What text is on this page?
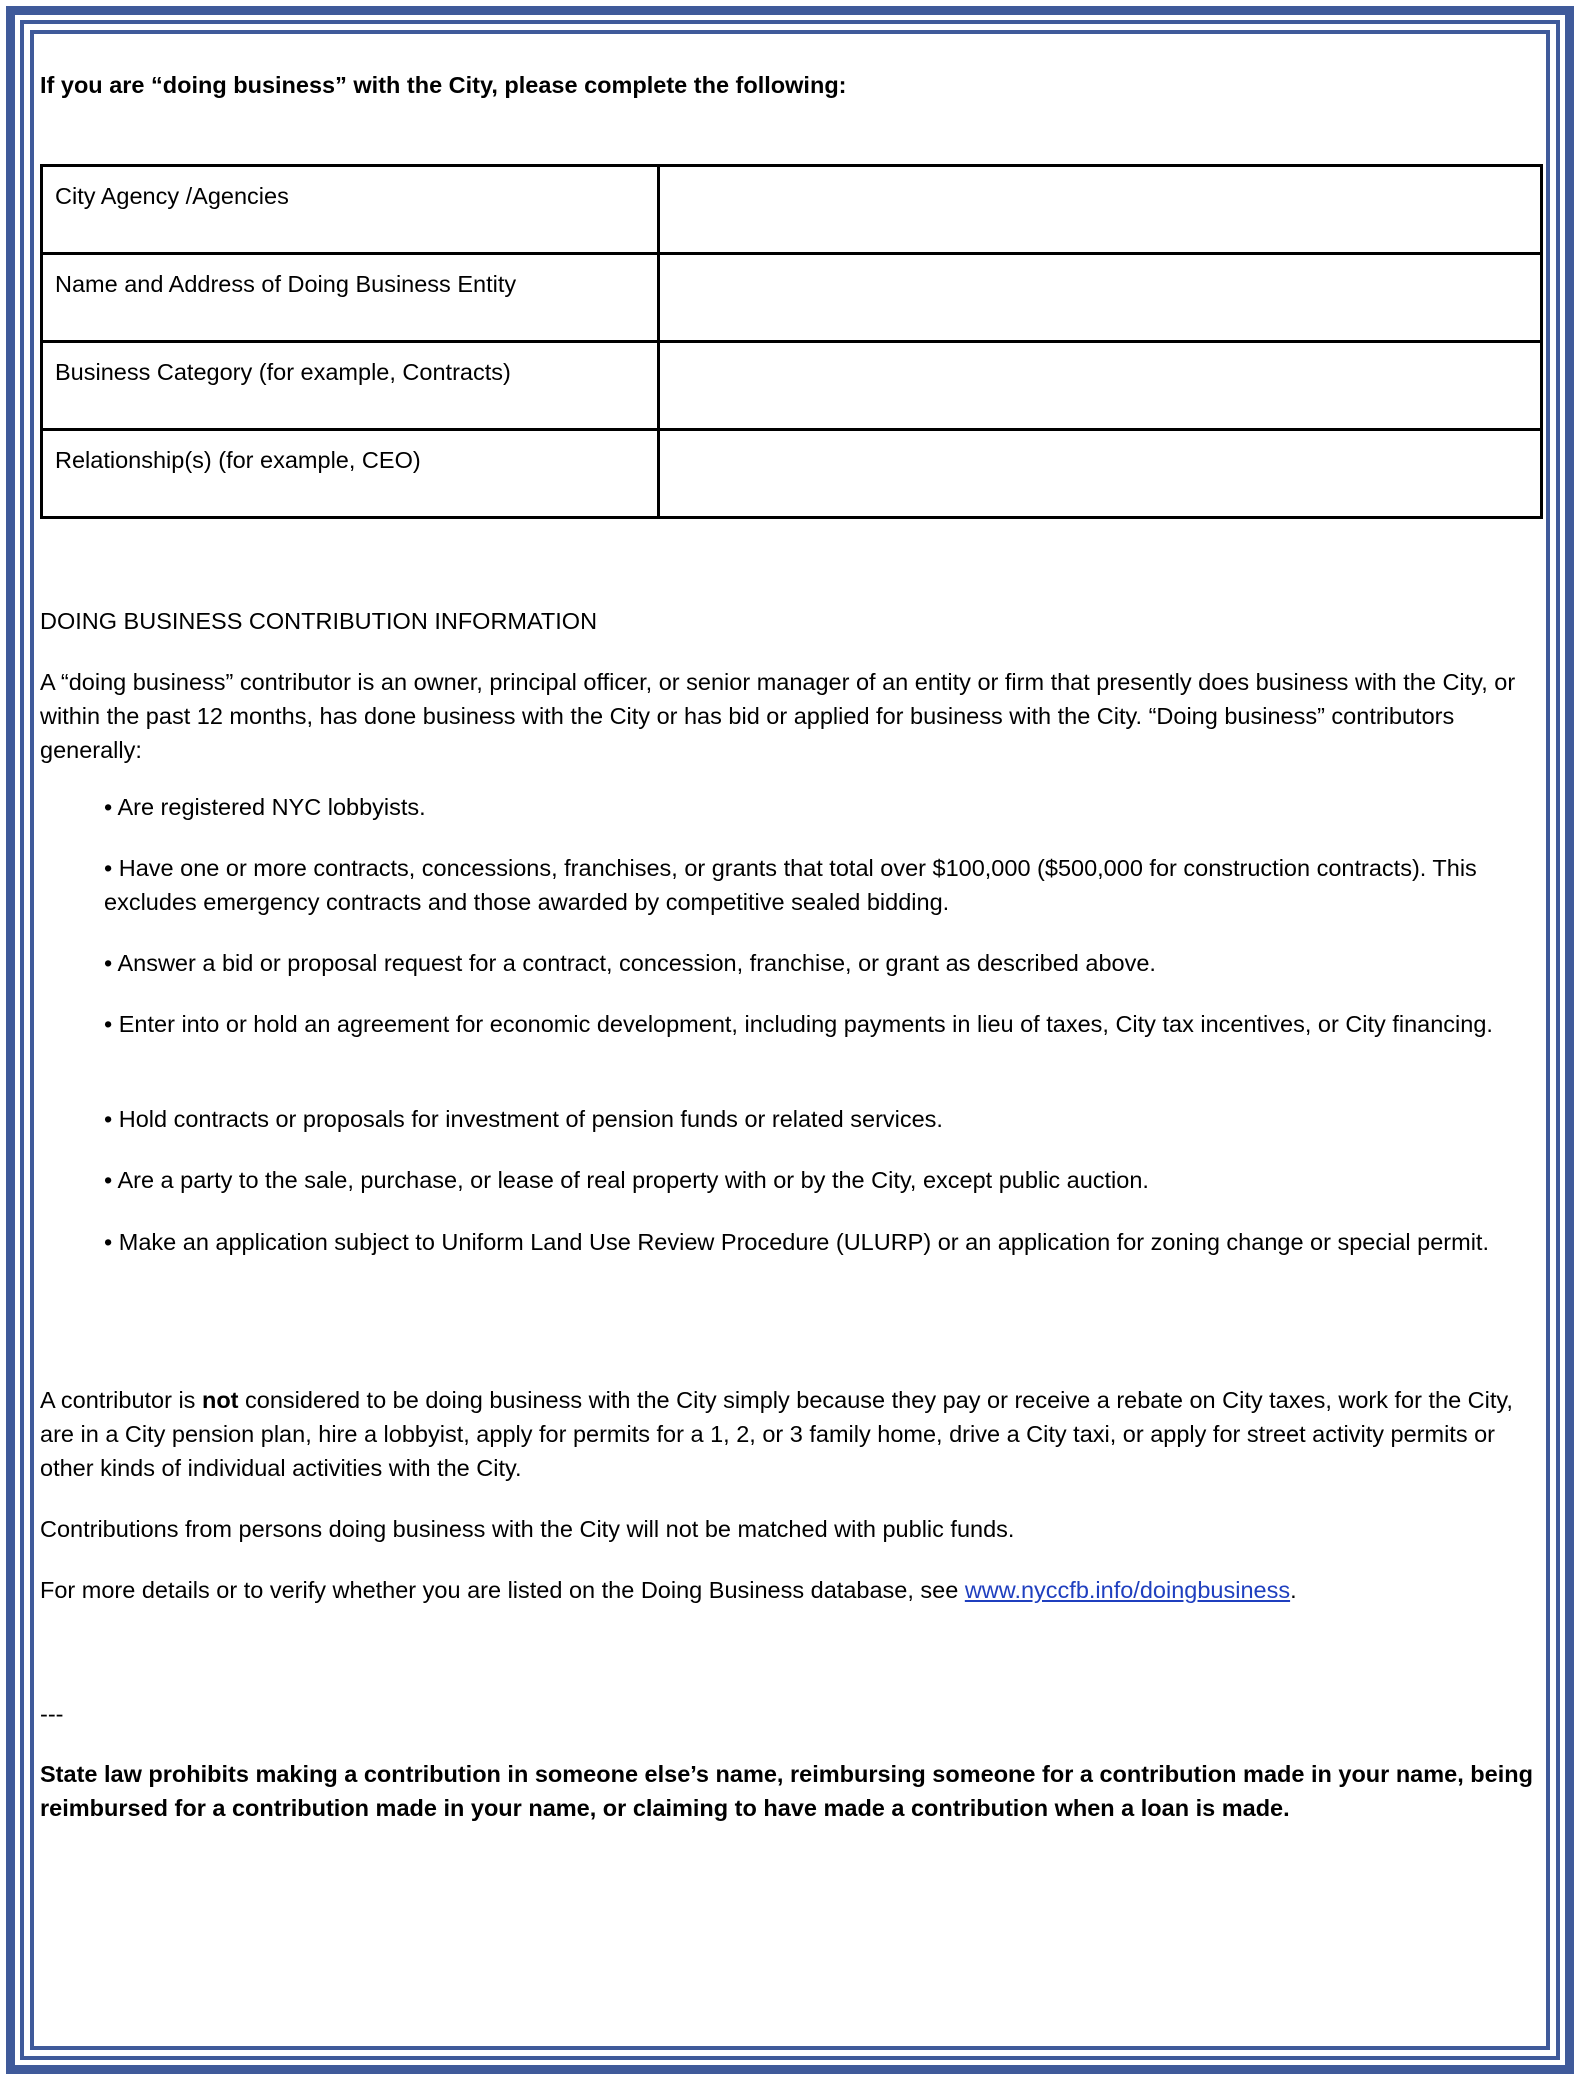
If you are “doing business” with the City, please complete the following:
City Agency /Agencies	
Name and Address of Doing Business Entity	
Business Category (for example, Contracts)	
Relationship(s) (for example, CEO)	
DOING BUSINESS CONTRIBUTION INFORMATION

A “doing business” contributor is an owner, principal officer, or senior manager of an entity or firm that presently does business with the City, or within the past 12 months, has done business with the City or has bid or applied for business with the City. “Doing business” contributors generally:

• Are registered NYC lobbyists.
• Have one or more contracts, concessions, franchises, or grants that total over $100,000 ($500,000 for construction contracts). This excludes emergency contracts and those awarded by competitive sealed bidding.
• Answer a bid or proposal request for a contract, concession, franchise, or grant as described above.
• Enter into or hold an agreement for economic development, including payments in lieu of taxes, City tax incentives, or City financing.
• Hold contracts or proposals for investment of pension funds or related services.
• Are a party to the sale, purchase, or lease of real property with or by the City, except public auction.
• Make an application subject to Uniform Land Use Review Procedure (ULURP) or an application for zoning change or special permit.

A contributor is not considered to be doing business with the City simply because they pay or receive a rebate on City taxes, work for the City, are in a City pension plan, hire a lobbyist, apply for permits for a 1, 2, or 3 family home, drive a City taxi, or apply for street activity permits or other kinds of individual activities with the City.

Contributions from persons doing business with the City will not be matched with public funds.

For more details or to verify whether you are listed on the Doing Business database, see www.nyccfb.info/doingbusiness.

---

State law prohibits making a contribution in someone else’s name, reimbursing someone for a contribution made in your name, being reimbursed for a contribution made in your name, or claiming to have made a contribution when a loan is made.
